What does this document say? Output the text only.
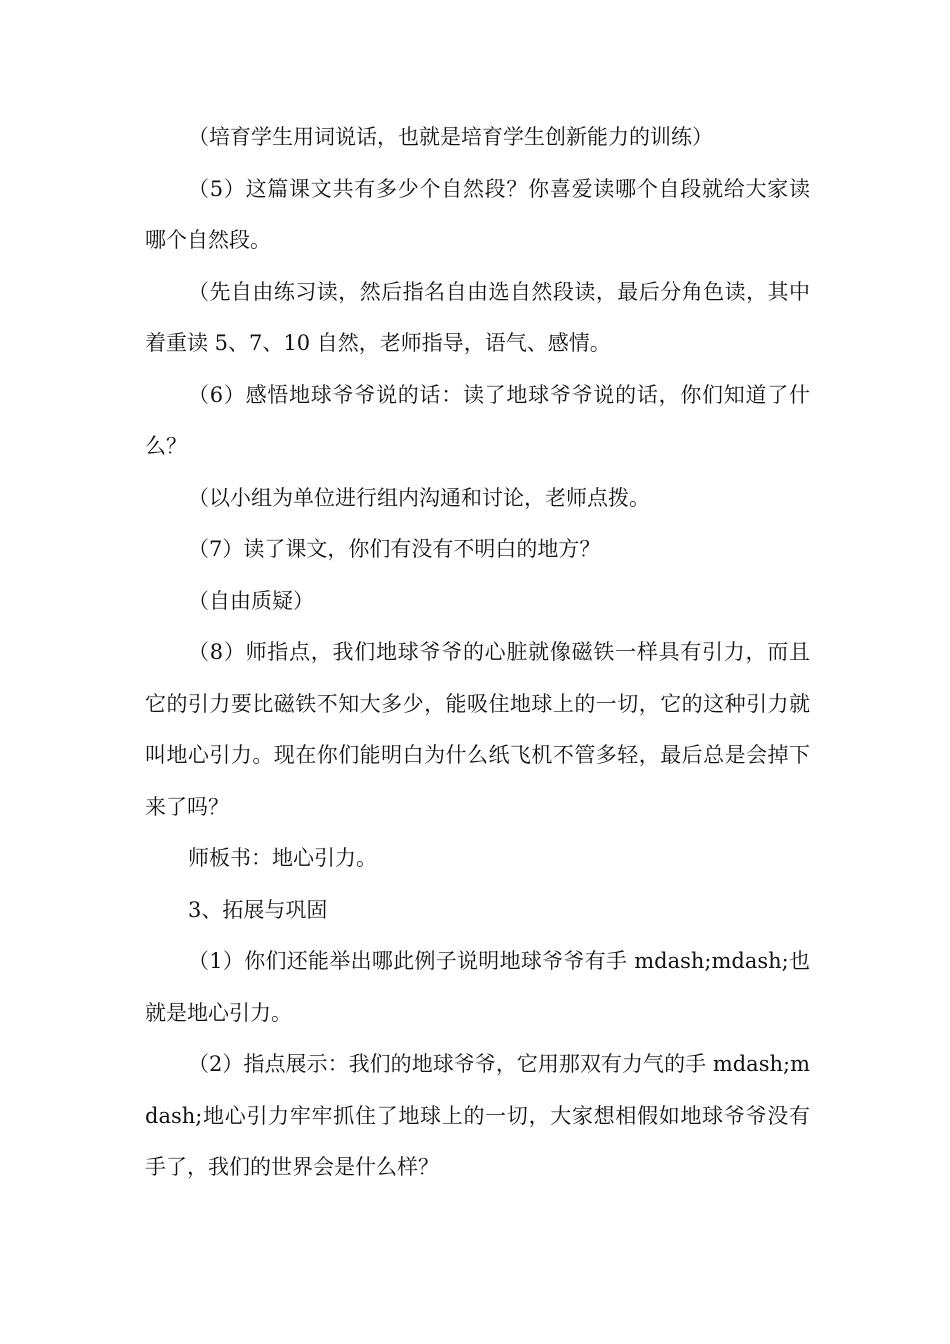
（培育学生用词说话，也就是培育学生创新能力的训练）

（5）这篇课文共有多少个自然段？你喜爱读哪个自段就给大家读哪个自然段。

（先自由练习读，然后指名自由选自然段读，最后分角色读，其中着重读 5、7、10 自然，老师指导，语气、感情。

（6）感悟地球爷爷说的话：读了地球爷爷说的话，你们知道了什么？

（以小组为单位进行组内沟通和讨论，老师点拨。

（7）读了课文，你们有没有不明白的地方？

（自由质疑）

（8）师指点，我们地球爷爷的心脏就像磁铁一样具有引力，而且它的引力要比磁铁不知大多少，能吸住地球上的一切，它的这种引力就叫地心引力。现在你们能明白为什么纸飞机不管多轻，最后总是会掉下来了吗？

师板书：地心引力。

3、拓展与巩固

（1）你们还能举出哪此例子说明地球爷爷有手 mdash;mdash;也就是地心引力。

（2）指点展示：我们的地球爷爷，它用那双有力气的手 mdash;mdash;地心引力牢牢抓住了地球上的一切，大家想相假如地球爷爷没有手了，我们的世界会是什么样？
